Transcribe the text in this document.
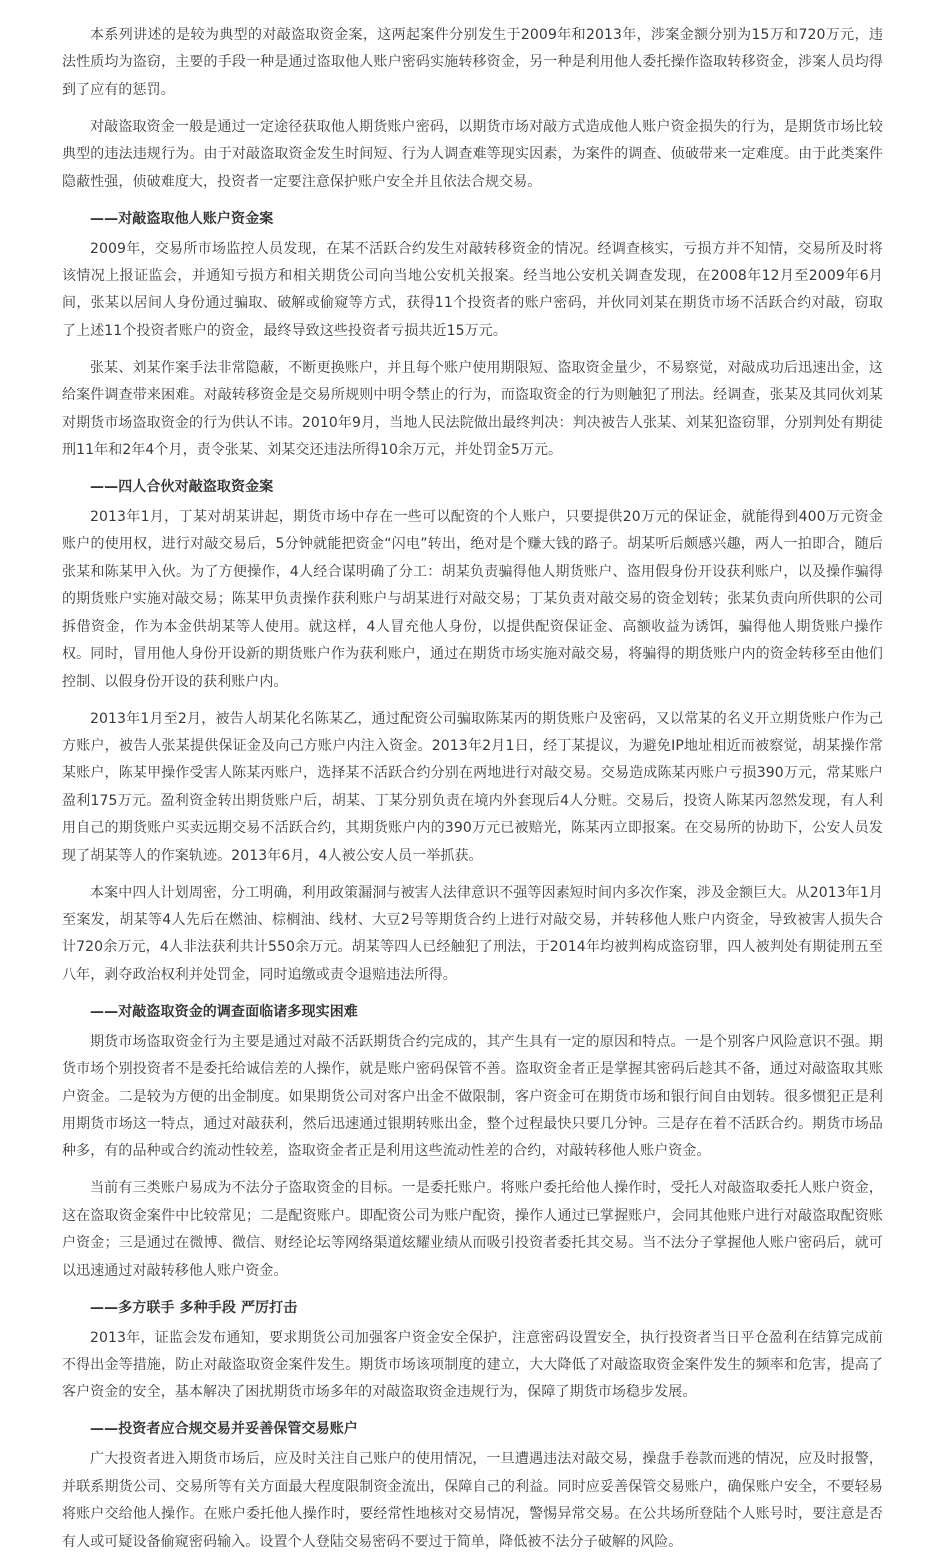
本系列讲述的是较为典型的对敲盗取资金案，这两起案件分别发生于2009年和2013年，涉案金额分别为15万和720万元，违法性质均为盗窃，主要的手段一种是通过盗取他人账户密码实施转移资金，另一种是利用他人委托操作盗取转移资金，涉案人员均得到了应有的惩罚。

对敲盗取资金一般是通过一定途径获取他人期货账户密码，以期货市场对敲方式造成他人账户资金损失的行为，是期货市场比较典型的违法违规行为。由于对敲盗取资金发生时间短、行为人调查难等现实因素，为案件的调查、侦破带来一定难度。由于此类案件隐蔽性强，侦破难度大，投资者一定要注意保护账户安全并且依法合规交易。

——对敲盗取他人账户资金案

2009年，交易所市场监控人员发现，在某不活跃合约发生对敲转移资金的情况。经调查核实，亏损方并不知情，交易所及时将该情况上报证监会，并通知亏损方和相关期货公司向当地公安机关报案。经当地公安机关调查发现，在2008年12月至2009年6月间，张某以居间人身份通过骗取、破解或偷窥等方式，获得11个投资者的账户密码，并伙同刘某在期货市场不活跃合约对敲，窃取了上述11个投资者账户的资金，最终导致这些投资者亏损共近15万元。

张某、刘某作案手法非常隐蔽，不断更换账户，并且每个账户使用期限短、盗取资金量少，不易察觉，对敲成功后迅速出金，这给案件调查带来困难。对敲转移资金是交易所规则中明令禁止的行为，而盗取资金的行为则触犯了刑法。经调查，张某及其同伙刘某对期货市场盗取资金的行为供认不讳。2010年9月，当地人民法院做出最终判决：判决被告人张某、刘某犯盗窃罪，分别判处有期徒刑11年和2年4个月，责令张某、刘某交还违法所得10余万元，并处罚金5万元。

——四人合伙对敲盗取资金案

2013年1月，丁某对胡某讲起，期货市场中存在一些可以配资的个人账户，只要提供20万元的保证金，就能得到400万元资金账户的使用权，进行对敲交易后，5分钟就能把资金“闪电”转出，绝对是个赚大钱的路子。胡某听后颇感兴趣，两人一拍即合，随后张某和陈某甲入伙。为了方便操作，4人经合谋明确了分工：胡某负责骗得他人期货账户、盗用假身份开设获利账户，以及操作骗得的期货账户实施对敲交易；陈某甲负责操作获利账户与胡某进行对敲交易；丁某负责对敲交易的资金划转；张某负责向所供职的公司拆借资金，作为本金供胡某等人使用。就这样，4人冒充他人身份，以提供配资保证金、高额收益为诱饵，骗得他人期货账户操作权。同时，冒用他人身份开设新的期货账户作为获利账户，通过在期货市场实施对敲交易，将骗得的期货账户内的资金转移至由他们控制、以假身份开设的获利账户内。

2013年1月至2月，被告人胡某化名陈某乙，通过配资公司骗取陈某丙的期货账户及密码，又以常某的名义开立期货账户作为己方账户，被告人张某提供保证金及向己方账户内注入资金。2013年2月1日，经丁某提议，为避免IP地址相近而被察觉，胡某操作常某账户，陈某甲操作受害人陈某丙账户，选择某不活跃合约分别在两地进行对敲交易。交易造成陈某丙账户亏损390万元，常某账户盈利175万元。盈利资金转出期货账户后，胡某、丁某分别负责在境内外套现后4人分赃。交易后，投资人陈某丙忽然发现，有人利用自己的期货账户买卖远期交易不活跃合约，其期货账户内的390万元已被赔光，陈某丙立即报案。在交易所的协助下，公安人员发现了胡某等人的作案轨迹。2013年6月，4人被公安人员一举抓获。

本案中四人计划周密，分工明确，利用政策漏洞与被害人法律意识不强等因素短时间内多次作案，涉及金额巨大。从2013年1月至案发，胡某等4人先后在燃油、棕榈油、线材、大豆2号等期货合约上进行对敲交易，并转移他人账户内资金，导致被害人损失合计720余万元，4人非法获利共计550余万元。胡某等四人已经触犯了刑法，于2014年均被判构成盗窃罪，四人被判处有期徒刑五至八年，剥夺政治权利并处罚金，同时追缴或责令退赔违法所得。

——对敲盗取资金的调查面临诸多现实困难

期货市场盗取资金行为主要是通过对敲不活跃期货合约完成的，其产生具有一定的原因和特点。一是个别客户风险意识不强。期货市场个别投资者不是委托给诚信差的人操作，就是账户密码保管不善。盗取资金者正是掌握其密码后趁其不备，通过对敲盗取其账户资金。二是较为方便的出金制度。如果期货公司对客户出金不做限制，客户资金可在期货市场和银行间自由划转。很多惯犯正是利用期货市场这一特点，通过对敲获利，然后迅速通过银期转账出金，整个过程最快只要几分钟。三是存在着不活跃合约。期货市场品种多，有的品种或合约流动性较差，盗取资金者正是利用这些流动性差的合约，对敲转移他人账户资金。

当前有三类账户易成为不法分子盗取资金的目标。一是委托账户。将账户委托给他人操作时，受托人对敲盗取委托人账户资金，这在盗取资金案件中比较常见；二是配资账户。即配资公司为账户配资，操作人通过已掌握账户，会同其他账户进行对敲盗取配资账户资金；三是通过在微博、微信、财经论坛等网络渠道炫耀业绩从而吸引投资者委托其交易。当不法分子掌握他人账户密码后，就可以迅速通过对敲转移他人账户资金。

——多方联手 多种手段 严厉打击

2013年，证监会发布通知，要求期货公司加强客户资金安全保护，注意密码设置安全，执行投资者当日平仓盈利在结算完成前不得出金等措施，防止对敲盗取资金案件发生。期货市场该项制度的建立，大大降低了对敲盗取资金案件发生的频率和危害，提高了客户资金的安全，基本解决了困扰期货市场多年的对敲盗取资金违规行为，保障了期货市场稳步发展。

——投资者应合规交易并妥善保管交易账户

广大投资者进入期货市场后，应及时关注自己账户的使用情况，一旦遭遇违法对敲交易，操盘手卷款而逃的情况，应及时报警，并联系期货公司、交易所等有关方面最大程度限制资金流出，保障自己的利益。同时应妥善保管交易账户，确保账户安全，不要轻易将账户交给他人操作。在账户委托他人操作时，要经常性地核对交易情况，警惕异常交易。在公共场所登陆个人账号时，要注意是否有人或可疑设备偷窥密码输入。设置个人登陆交易密码不要过于简单，降低被不法分子破解的风险。
